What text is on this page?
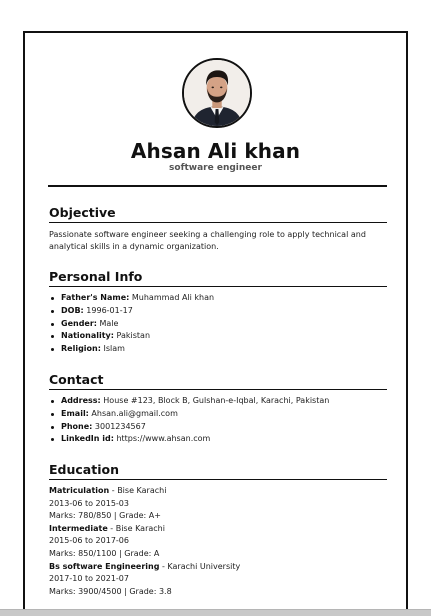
Ahsan Ali khan
software engineer
Objective

Passionate software engineer seeking a challenging role to apply technical and analytical skills in a dynamic organization.

Personal Info
Father's Name: Muhammad Ali khan
DOB: 1996-01-17
Gender: Male
Nationality: Pakistan
Religion: Islam
Contact
Address: House #123, Block B, Gulshan-e-Iqbal, Karachi, Pakistan
Email: Ahsan.ali@gmail.com
Phone: 3001234567
LinkedIn id: https://www.ahsan.com
Education
Matriculation - Bise Karachi
2013-06 to 2015-03
Marks: 780/850 | Grade: A+
Intermediate - Bise Karachi
2015-06 to 2017-06
Marks: 850/1100 | Grade: A
Bs software Engineering - Karachi University
2017-10 to 2021-07
Marks: 3900/4500 | Grade: 3.8
